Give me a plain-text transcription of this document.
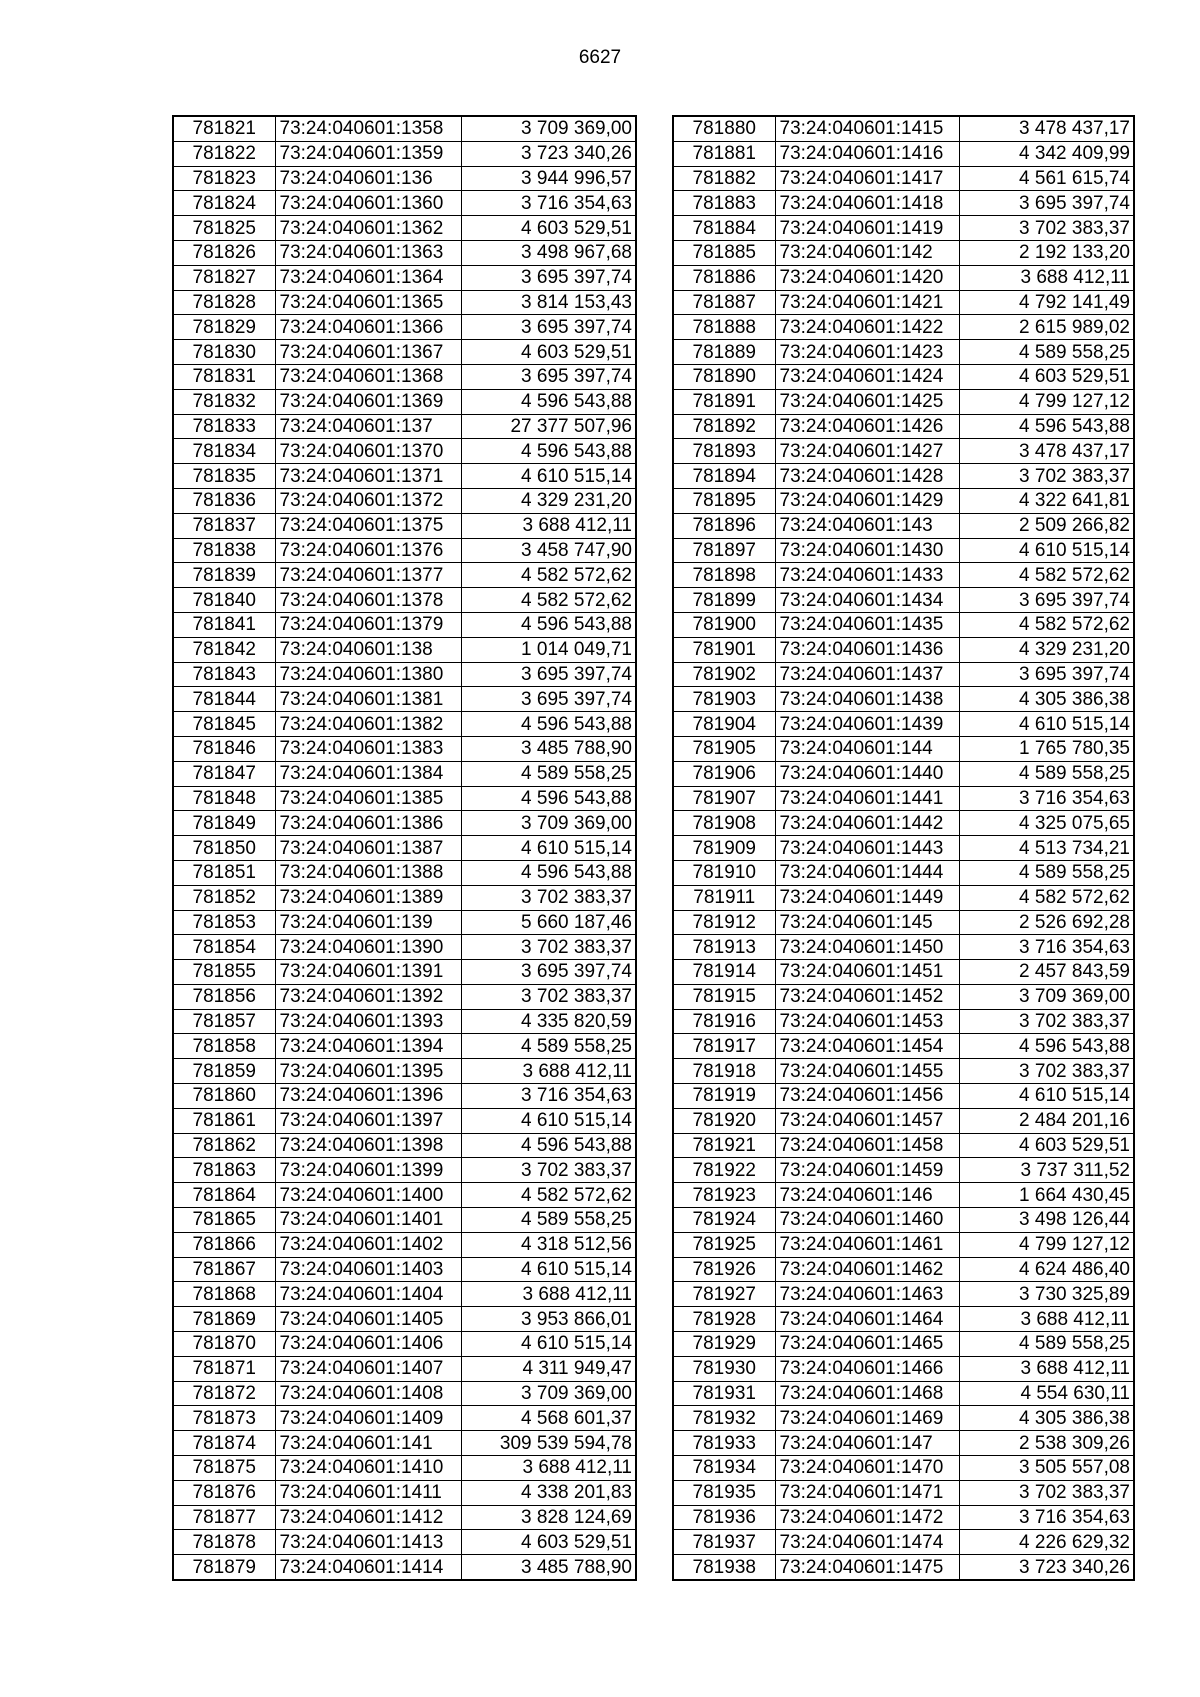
6627
781821	73:24:040601:1358	3 709 369,00
781822	73:24:040601:1359	3 723 340,26
781823	73:24:040601:136	3 944 996,57
781824	73:24:040601:1360	3 716 354,63
781825	73:24:040601:1362	4 603 529,51
781826	73:24:040601:1363	3 498 967,68
781827	73:24:040601:1364	3 695 397,74
781828	73:24:040601:1365	3 814 153,43
781829	73:24:040601:1366	3 695 397,74
781830	73:24:040601:1367	4 603 529,51
781831	73:24:040601:1368	3 695 397,74
781832	73:24:040601:1369	4 596 543,88
781833	73:24:040601:137	27 377 507,96
781834	73:24:040601:1370	4 596 543,88
781835	73:24:040601:1371	4 610 515,14
781836	73:24:040601:1372	4 329 231,20
781837	73:24:040601:1375	3 688 412,11
781838	73:24:040601:1376	3 458 747,90
781839	73:24:040601:1377	4 582 572,62
781840	73:24:040601:1378	4 582 572,62
781841	73:24:040601:1379	4 596 543,88
781842	73:24:040601:138	1 014 049,71
781843	73:24:040601:1380	3 695 397,74
781844	73:24:040601:1381	3 695 397,74
781845	73:24:040601:1382	4 596 543,88
781846	73:24:040601:1383	3 485 788,90
781847	73:24:040601:1384	4 589 558,25
781848	73:24:040601:1385	4 596 543,88
781849	73:24:040601:1386	3 709 369,00
781850	73:24:040601:1387	4 610 515,14
781851	73:24:040601:1388	4 596 543,88
781852	73:24:040601:1389	3 702 383,37
781853	73:24:040601:139	5 660 187,46
781854	73:24:040601:1390	3 702 383,37
781855	73:24:040601:1391	3 695 397,74
781856	73:24:040601:1392	3 702 383,37
781857	73:24:040601:1393	4 335 820,59
781858	73:24:040601:1394	4 589 558,25
781859	73:24:040601:1395	3 688 412,11
781860	73:24:040601:1396	3 716 354,63
781861	73:24:040601:1397	4 610 515,14
781862	73:24:040601:1398	4 596 543,88
781863	73:24:040601:1399	3 702 383,37
781864	73:24:040601:1400	4 582 572,62
781865	73:24:040601:1401	4 589 558,25
781866	73:24:040601:1402	4 318 512,56
781867	73:24:040601:1403	4 610 515,14
781868	73:24:040601:1404	3 688 412,11
781869	73:24:040601:1405	3 953 866,01
781870	73:24:040601:1406	4 610 515,14
781871	73:24:040601:1407	4 311 949,47
781872	73:24:040601:1408	3 709 369,00
781873	73:24:040601:1409	4 568 601,37
781874	73:24:040601:141	309 539 594,78
781875	73:24:040601:1410	3 688 412,11
781876	73:24:040601:1411	4 338 201,83
781877	73:24:040601:1412	3 828 124,69
781878	73:24:040601:1413	4 603 529,51
781879	73:24:040601:1414	3 485 788,90
781880	73:24:040601:1415	3 478 437,17
781881	73:24:040601:1416	4 342 409,99
781882	73:24:040601:1417	4 561 615,74
781883	73:24:040601:1418	3 695 397,74
781884	73:24:040601:1419	3 702 383,37
781885	73:24:040601:142	2 192 133,20
781886	73:24:040601:1420	3 688 412,11
781887	73:24:040601:1421	4 792 141,49
781888	73:24:040601:1422	2 615 989,02
781889	73:24:040601:1423	4 589 558,25
781890	73:24:040601:1424	4 603 529,51
781891	73:24:040601:1425	4 799 127,12
781892	73:24:040601:1426	4 596 543,88
781893	73:24:040601:1427	3 478 437,17
781894	73:24:040601:1428	3 702 383,37
781895	73:24:040601:1429	4 322 641,81
781896	73:24:040601:143	2 509 266,82
781897	73:24:040601:1430	4 610 515,14
781898	73:24:040601:1433	4 582 572,62
781899	73:24:040601:1434	3 695 397,74
781900	73:24:040601:1435	4 582 572,62
781901	73:24:040601:1436	4 329 231,20
781902	73:24:040601:1437	3 695 397,74
781903	73:24:040601:1438	4 305 386,38
781904	73:24:040601:1439	4 610 515,14
781905	73:24:040601:144	1 765 780,35
781906	73:24:040601:1440	4 589 558,25
781907	73:24:040601:1441	3 716 354,63
781908	73:24:040601:1442	4 325 075,65
781909	73:24:040601:1443	4 513 734,21
781910	73:24:040601:1444	4 589 558,25
781911	73:24:040601:1449	4 582 572,62
781912	73:24:040601:145	2 526 692,28
781913	73:24:040601:1450	3 716 354,63
781914	73:24:040601:1451	2 457 843,59
781915	73:24:040601:1452	3 709 369,00
781916	73:24:040601:1453	3 702 383,37
781917	73:24:040601:1454	4 596 543,88
781918	73:24:040601:1455	3 702 383,37
781919	73:24:040601:1456	4 610 515,14
781920	73:24:040601:1457	2 484 201,16
781921	73:24:040601:1458	4 603 529,51
781922	73:24:040601:1459	3 737 311,52
781923	73:24:040601:146	1 664 430,45
781924	73:24:040601:1460	3 498 126,44
781925	73:24:040601:1461	4 799 127,12
781926	73:24:040601:1462	4 624 486,40
781927	73:24:040601:1463	3 730 325,89
781928	73:24:040601:1464	3 688 412,11
781929	73:24:040601:1465	4 589 558,25
781930	73:24:040601:1466	3 688 412,11
781931	73:24:040601:1468	4 554 630,11
781932	73:24:040601:1469	4 305 386,38
781933	73:24:040601:147	2 538 309,26
781934	73:24:040601:1470	3 505 557,08
781935	73:24:040601:1471	3 702 383,37
781936	73:24:040601:1472	3 716 354,63
781937	73:24:040601:1474	4 226 629,32
781938	73:24:040601:1475	3 723 340,26
